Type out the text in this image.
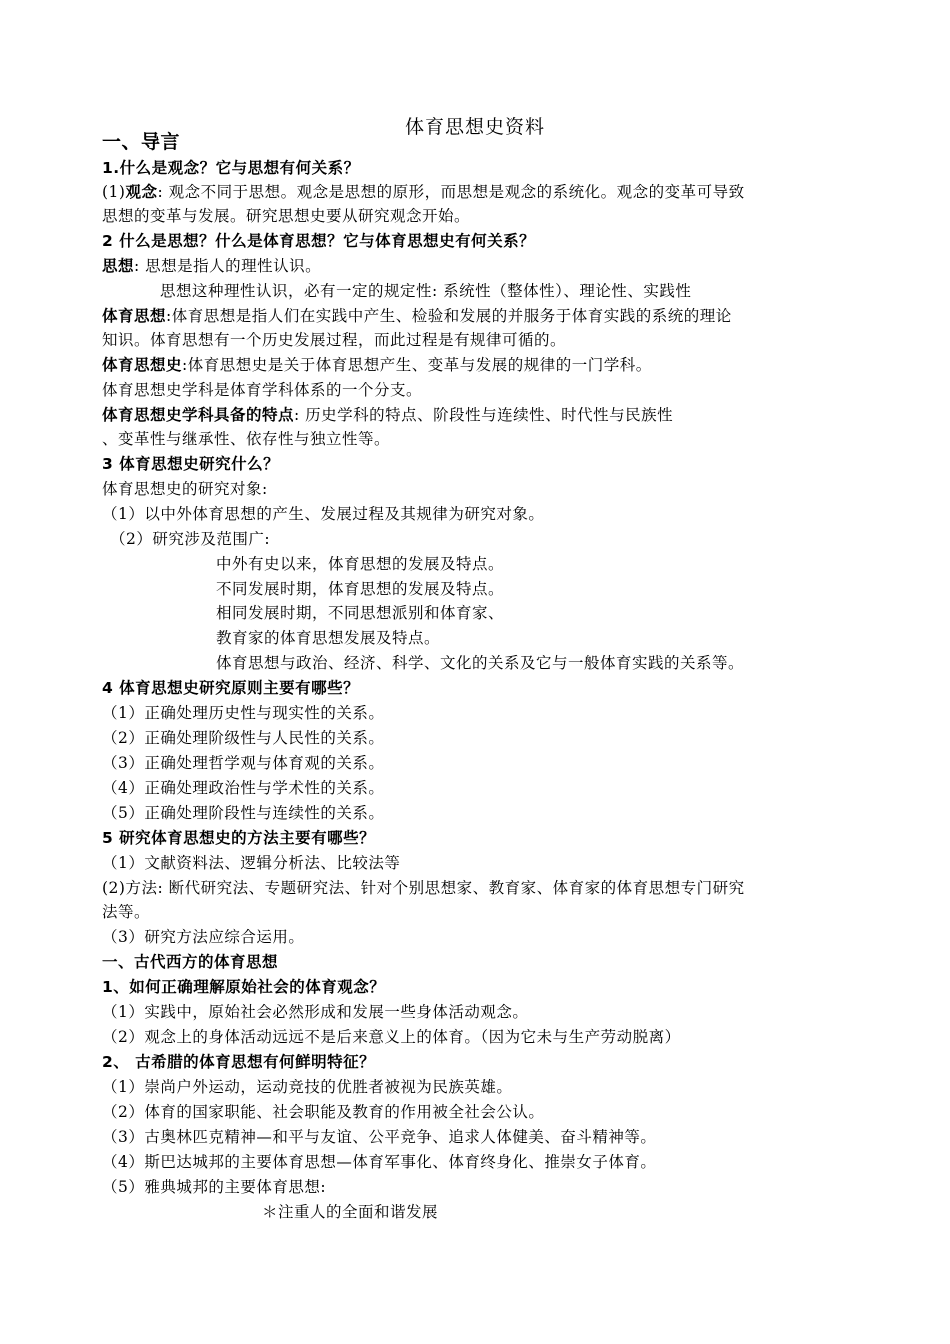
体育思想史资料
一、导言
1.什么是观念？它与思想有何关系？
(1)观念: 观念不同于思想。观念是思想的原形，而思想是观念的系统化。观念的变革可导致
思想的变革与发展。研究思想史要从研究观念开始。
2 什么是思想？什么是体育思想？它与体育思想史有何关系？
思想: 思想是指人的理性认识。
思想这种理性认识，必有一定的规定性: 系统性（整体性）、理论性、实践性
体育思想:体育思想是指人们在实践中产生、检验和发展的并服务于体育实践的系统的理论
知识。体育思想有一个历史发展过程，而此过程是有规律可循的。
体育思想史:体育思想史是关于体育思想产生、变革与发展的规律的一门学科。
体育思想史学科是体育学科体系的一个分支。
体育思想史学科具备的特点: 历史学科的特点、阶段性与连续性、时代性与民族性
、变革性与继承性、依存性与独立性等。
3 体育思想史研究什么？
体育思想史的研究对象:
（1）以中外体育思想的产生、发展过程及其规律为研究对象。
（2）研究涉及范围广:
中外有史以来，体育思想的发展及特点。
不同发展时期，体育思想的发展及特点。
相同发展时期，不同思想派别和体育家、
教育家的体育思想发展及特点。
体育思想与政治、经济、科学、文化的关系及它与一般体育实践的关系等。
4 体育思想史研究原则主要有哪些？
（1）正确处理历史性与现实性的关系。
（2）正确处理阶级性与人民性的关系。
（3）正确处理哲学观与体育观的关系。
（4）正确处理政治性与学术性的关系。
（5）正确处理阶段性与连续性的关系。
5 研究体育思想史的方法主要有哪些？
（1）文献资料法、逻辑分析法、比较法等
(2)方法: 断代研究法、专题研究法、针对个别思想家、教育家、体育家的体育思想专门研究
法等。
（3）研究方法应综合运用。
一、古代西方的体育思想
1、如何正确理解原始社会的体育观念？
（1）实践中，原始社会必然形成和发展一些身体活动观念。
（2）观念上的身体活动远远不是后来意义上的体育。（因为它未与生产劳动脱离）
2、 古希腊的体育思想有何鲜明特征？
（1）崇尚户外运动，运动竞技的优胜者被视为民族英雄。
（2）体育的国家职能、社会职能及教育的作用被全社会公认。
（3）古奥林匹克精神—和平与友谊、公平竞争、追求人体健美、奋斗精神等。
（4）斯巴达城邦的主要体育思想—体育军事化、体育终身化、推崇女子体育。
（5）雅典城邦的主要体育思想:
＊注重人的全面和谐发展
